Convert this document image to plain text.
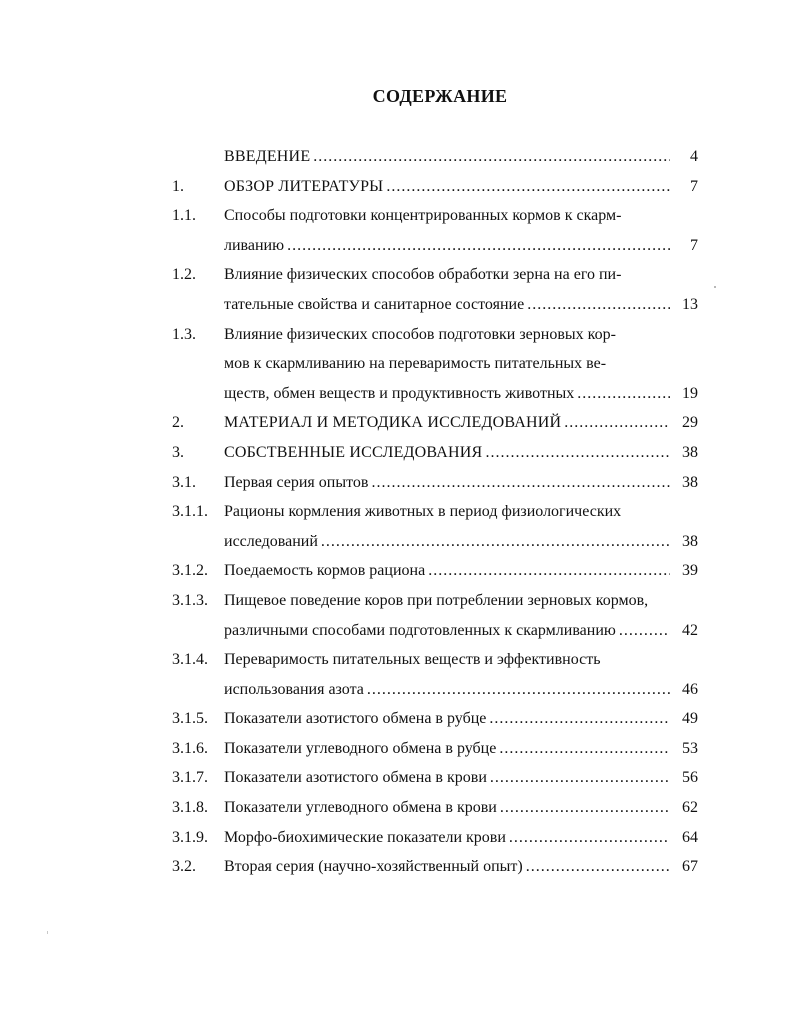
СОДЕРЖАНИЕ
ВВЕДЕНИЕ .....	4
1.	ОБЗОР ЛИТЕРАТУРЫ .....	7
1.1. Способы подготовки концентрированных кормов к скарм-
ливанию .....	7
1.2. Влияние физических способов обработки зерна на его пи-
тательные свойства и санитарное состояние .....	13
1.3. Влияние физических способов подготовки зерновых кор-
мов к скармливанию на переваримость питательных ве-
ществ, обмен веществ и продуктивность животных .....	19
2.	МАТЕРИАЛ И МЕТОДИКА ИССЛЕДОВАНИЙ .....	29
3.	СОБСТВЕННЫЕ ИССЛЕДОВАНИЯ .....	38
3.1. Первая серия опытов .....	38
3.1.1. Рационы кормления животных в период физиологических
исследований .....	38
3.1.2. Поедаемость кормов рациона .....	39
3.1.3. Пищевое поведение коров при потреблении зерновых кормов,
различными способами подготовленных к скармливанию .....	42
3.1.4. Переваримость питательных веществ и эффективность
использования азота .....	46
3.1.5. Показатели азотистого обмена в рубце .....	49
3.1.6. Показатели углеводного обмена в рубце .....	53
3.1.7. Показатели азотистого обмена в крови .....	56
3.1.8. Показатели углеводного обмена в крови .....	62
3.1.9. Морфо-биохимические показатели крови .....	64
3.2. Вторая серия (научно-хозяйственный опыт) .....	67
